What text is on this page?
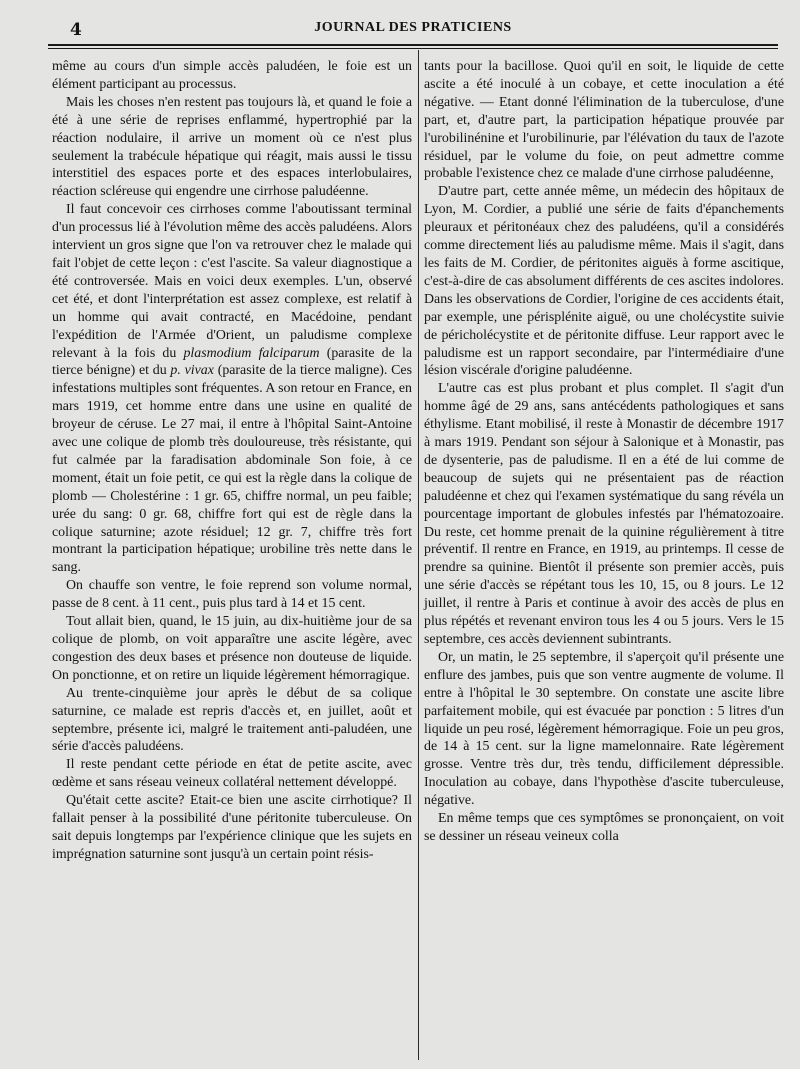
4	JOURNAL DES PRATICIENS

même au cours d'un simple accès paludéen, le foie est un élément participant au processus.

Mais les choses n'en restent pas toujours là, et quand le foie a été à une série de reprises enflammé, hypertrophié par la réaction nodulaire, il arrive un moment où ce n'est plus seulement la trabécule hépatique qui réagit, mais aussi le tissu interstitiel des espaces porte et des espaces interlobulaires, réaction scléreuse qui engendre une cirrhose paludéenne.

Il faut concevoir ces cirrhoses comme l'aboutissant terminal d'un processus lié à l'évolution même des accès paludéens. Alors intervient un gros signe que l'on va retrouver chez le malade qui fait l'objet de cette leçon : c'est l'ascite. Sa valeur diagnostique a été controversée. Mais en voici deux exemples. L'un, observé cet été, et dont l'interprétation est assez complexe, est relatif à un homme qui avait contracté, en Macédoine, pendant l'expédition de l'Armée d'Orient, un paludisme complexe relevant à la fois du plasmodium falciparum (parasite de la tierce bénigne) et du p. vivax (parasite de la tierce maligne). Ces infestations multiples sont fréquentes. A son retour en France, en mars 1919, cet homme entre dans une usine en qualité de broyeur de céruse. Le 27 mai, il entre à l'hôpital Saint-Antoine avec une colique de plomb très douloureuse, très résistante, qui fut calmée par la faradisation abdominale Son foie, à ce moment, était un foie petit, ce qui est la règle dans la colique de plomb — Cholestérine : 1 gr. 65, chiffre normal, un peu faible; urée du sang: 0 gr. 68, chiffre fort qui est de règle dans la colique saturnine; azote résiduel; 12 gr. 7, chiffre très fort montrant la participation hépatique; urobiline très nette dans le sang.

On chauffe son ventre, le foie reprend son volume normal, passe de 8 cent. à 11 cent., puis plus tard à 14 et 15 cent.

Tout allait bien, quand, le 15 juin, au dix-huitième jour de sa colique de plomb, on voit apparaître une ascite légère, avec congestion des deux bases et présence non douteuse de liquide. On ponctionne, et on retire un liquide légèrement hémorragique.

Au trente-cinquième jour après le début de sa colique saturnine, ce malade est repris d'accès et, en juillet, août et septembre, présente ici, malgré le traitement anti-paludéen, une série d'accès paludéens.

Il reste pendant cette période en état de petite ascite, avec œdème et sans réseau veineux collatéral nettement développé.

Qu'était cette ascite? Etait-ce bien une ascite cirrhotique? Il fallait penser à la possibilité d'une péritonite tuberculeuse. On sait depuis longtemps par l'expérience clinique que les sujets en imprégnation saturnine sont jusqu'à un certain point résis-

tants pour la bacillose. Quoi qu'il en soit, le liquide de cette ascite a été inoculé à un cobaye, et cette inoculation a été négative. — Etant donné l'élimination de la tuberculose, d'une part, et, d'autre part, la participation hépatique prouvée par l'urobilinénine et l'urobilinurie, par l'élévation du taux de l'azote résiduel, par le volume du foie, on peut admettre comme probable l'existence chez ce malade d'une cirrhose paludéenne,

D'autre part, cette année même, un médecin des hôpitaux de Lyon, M. Cordier, a publié une série de faits d'épanchements pleuraux et péritonéaux chez des paludéens, qu'il a considérés comme directement liés au paludisme même. Mais il s'agit, dans les faits de M. Cordier, de péritonites aiguës à forme ascitique, c'est-à-dire de cas absolument différents de ces ascites indolores. Dans les observations de Cordier, l'origine de ces accidents était, par exemple, une périsplénite aiguë, ou une cholécystite suivie de péricholécystite et de péritonite diffuse. Leur rapport avec le paludisme est un rapport secondaire, par l'intermédiaire d'une lésion viscérale d'origine paludéenne.

L'autre cas est plus probant et plus complet. Il s'agit d'un homme âgé de 29 ans, sans antécédents pathologiques et sans éthylisme. Etant mobilisé, il reste à Monastir de décembre 1917 à mars 1919. Pendant son séjour à Salonique et à Monastir, pas de dysenterie, pas de paludisme. Il en a été de lui comme de beaucoup de sujets qui ne présentaient pas de réaction paludéenne et chez qui l'examen systématique du sang révéla un pourcentage important de globules infestés par l'hématozoaire. Du reste, cet homme prenait de la quinine régulièrement à titre préventif. Il rentre en France, en 1919, au printemps. Il cesse de prendre sa quinine. Bientôt il présente son premier accès, puis une série d'accès se répétant tous les 10, 15, ou 8 jours. Le 12 juillet, il rentre à Paris et continue à avoir des accès de plus en plus répétés et revenant environ tous les 4 ou 5 jours. Vers le 15 septembre, ces accès deviennent subintrants.

Or, un matin, le 25 septembre, il s'aperçoit qu'il présente une enflure des jambes, puis que son ventre augmente de volume. Il entre à l'hôpital le 30 septembre. On constate une ascite libre parfaitement mobile, qui est évacuée par ponction : 5 litres d'un liquide un peu rosé, légèrement hémorragique. Foie un peu gros, de 14 à 15 cent. sur la ligne mamelonnaire. Rate légèrement grosse. Ventre très dur, très tendu, difficilement dépressible. Inoculation au cobaye, dans l'hypothèse d'ascite tuberculeuse, négative.

En même temps que ces symptômes se prononçaient, on voit se dessiner un réseau veineux colla
